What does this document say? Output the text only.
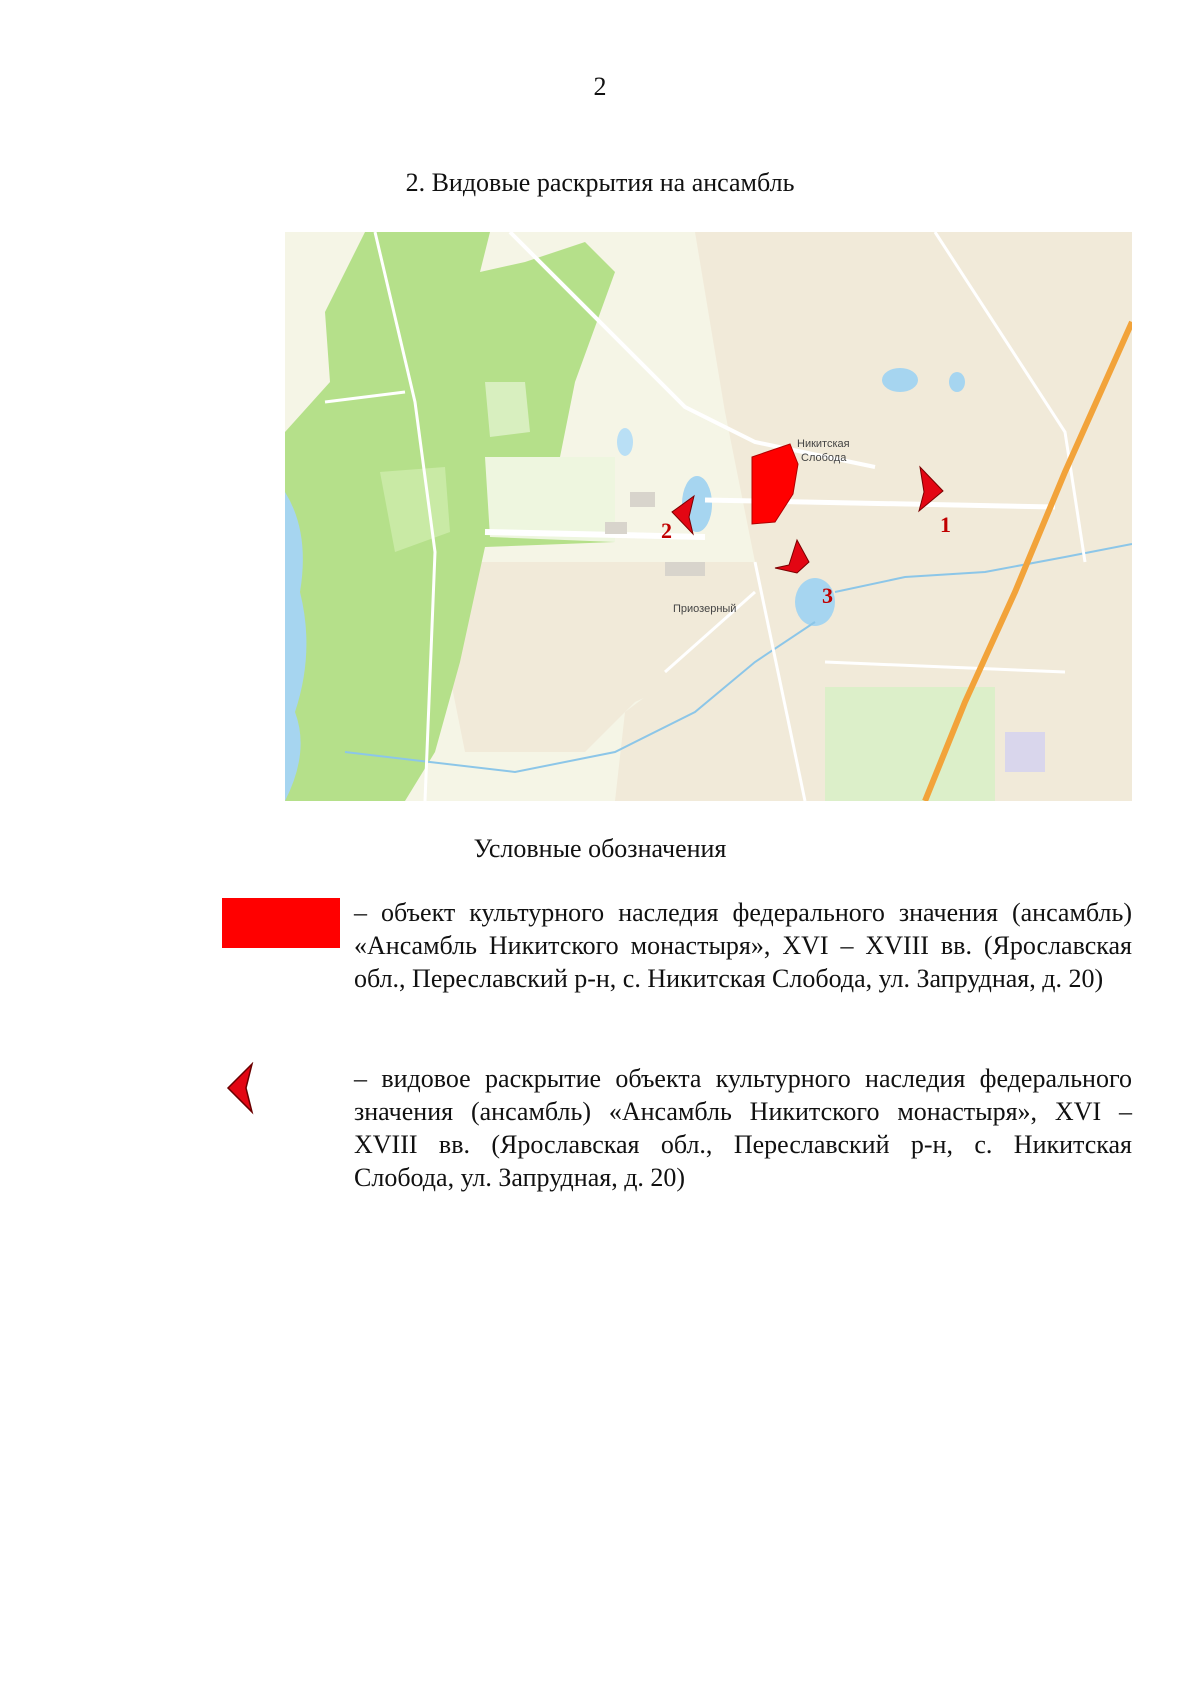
2
2. Видовые раскрытия на ансамбль
Никитская
Слобода
Приозерный
1
2
3
Условные обозначения
– объект культурного наследия федерального значения (ансамбль) «Ансамбль Никитского монастыря», XVI – XVIII вв. (Ярославская обл., Переславский р-н, с. Никитская Слобода, ул. Запрудная, д. 20)
– видовое раскрытие объекта культурного наследия федерального значения (ансамбль) «Ансамбль Никитского монастыря», XVI – XVIII вв. (Ярославская обл., Переславский р-н, с. Никитская Слобода, ул. Запрудная, д. 20)
